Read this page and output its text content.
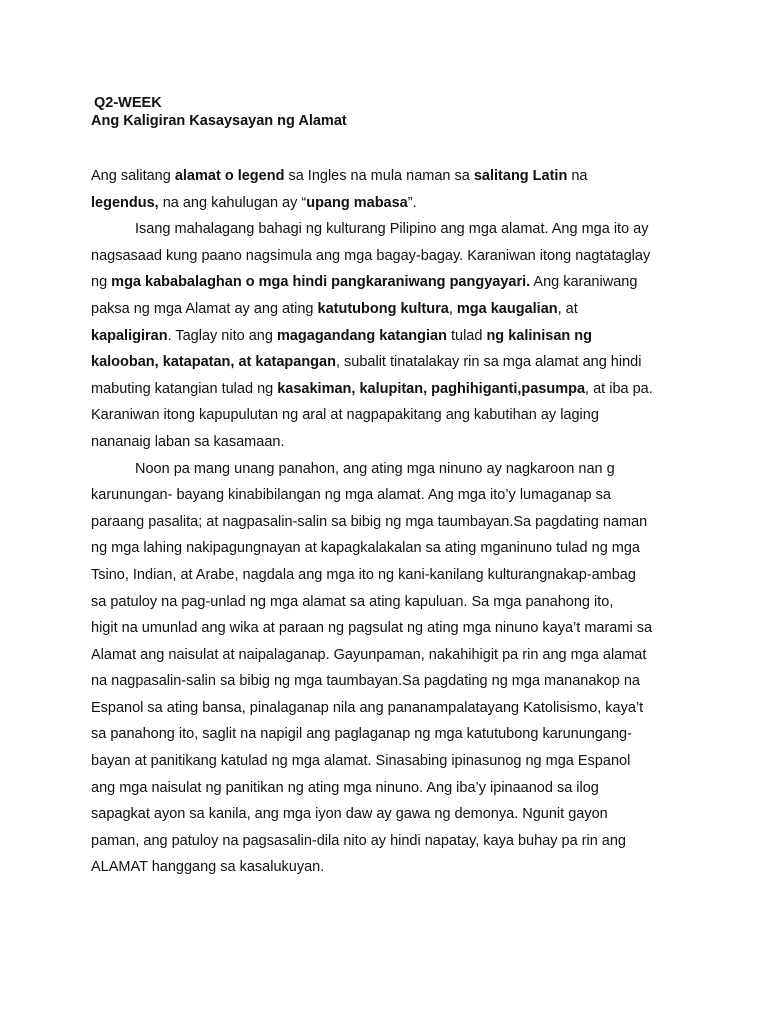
Q2-WEEK
Ang Kaligiran Kasaysayan ng Alamat
Ang salitang alamat o legend sa Ingles na mula naman sa salitang Latin na
legendus, na ang kahulugan ay “upang mabasa”.
Isang mahalagang bahagi ng kulturang Pilipino ang mga alamat. Ang mga ito ay
nagsasaad kung paano nagsimula ang mga bagay-bagay. Karaniwan itong nagtataglay
ng mga kababalaghan o mga hindi pangkaraniwang pangyayari. Ang karaniwang
paksa ng mga Alamat ay ang ating katutubong kultura, mga kaugalian, at
kapaligiran. Taglay nito ang magagandang katangian tulad ng kalinisan ng
kalooban, katapatan, at katapangan, subalit tinatalakay rin sa mga alamat ang hindi
mabuting katangian tulad ng kasakiman, kalupitan, paghihiganti,pasumpa, at iba pa.
Karaniwan itong kapupulutan ng aral at nagpapakitang ang kabutihan ay laging
nananaig laban sa kasamaan.
Noon pa mang unang panahon, ang ating mga ninuno ay nagkaroon nan g
karunungan- bayang kinabibilangan ng mga alamat. Ang mga ito’y lumaganap sa
paraang pasalita; at nagpasalin-salin sa bibig ng mga taumbayan.Sa pagdating naman
ng mga lahing nakipagungnayan at kapagkalakalan sa ating mganinuno tulad ng mga
Tsino, Indian, at Arabe, nagdala ang mga ito ng kani-kanilang kulturangnakap-ambag
sa patuloy na pag-unlad ng mga alamat sa ating kapuluan. Sa mga panahong ito,
higit na umunlad ang wika at paraan ng pagsulat ng ating mga ninuno kaya’t marami sa
Alamat ang naisulat at naipalaganap. Gayunpaman, nakahihigit pa rin ang mga alamat
na nagpasalin-salin sa bibig ng mga taumbayan.Sa pagdating ng mga mananakop na
Espanol sa ating bansa, pinalaganap nila ang pananampalatayang Katolisismo, kaya’t
sa panahong ito, saglit na napigil ang paglaganap ng mga katutubong karunungang-
bayan at panitikang katulad ng mga alamat. Sinasabing ipinasunog ng mga Espanol
ang mga naisulat ng panitikan ng ating mga ninuno. Ang iba’y ipinaanod sa ilog
sapagkat ayon sa kanila, ang mga iyon daw ay gawa ng demonya. Ngunit gayon
paman, ang patuloy na pagsasalin-dila nito ay hindi napatay, kaya buhay pa rin ang
ALAMAT hanggang sa kasalukuyan.
